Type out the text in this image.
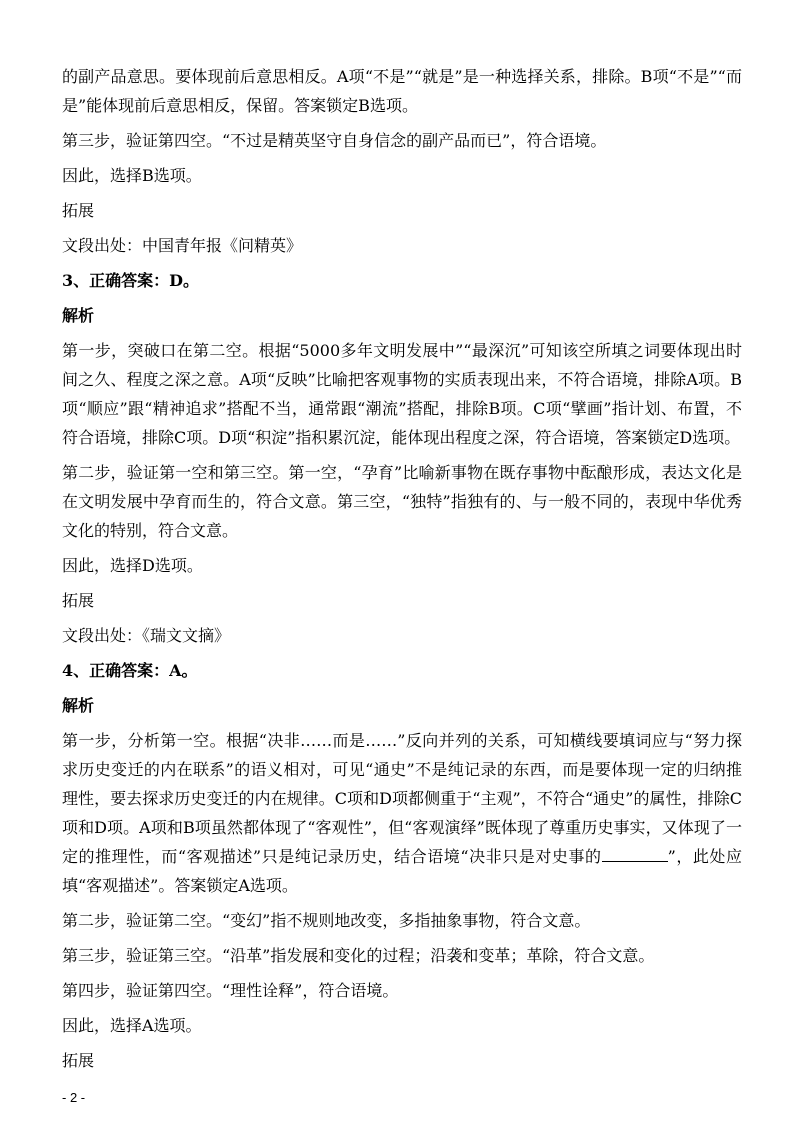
的副产品意思。要体现前后意思相反。A项“不是”“就是”是一种选择关系，排除。B项“不是”“而是”能体现前后意思相反，保留。答案锁定B选项。

第三步，验证第四空。“不过是精英坚守自身信念的副产品而已”，符合语境。

因此，选择B选项。

拓展

文段出处：中国青年报《问精英》

3、正确答案：D。

解析

第一步，突破口在第二空。根据“5000多年文明发展中”“最深沉”可知该空所填之词要体现出时间之久、程度之深之意。A项“反映”比喻把客观事物的实质表现出来，不符合语境，排除A项。B项“顺应”跟“精神追求”搭配不当，通常跟“潮流”搭配，排除B项。C项“擘画”指计划、布置，不符合语境，排除C项。D项“积淀”指积累沉淀，能体现出程度之深，符合语境，答案锁定D选项。

第二步，验证第一空和第三空。第一空，“孕育”比喻新事物在既存事物中酝酿形成，表达文化是在文明发展中孕育而生的，符合文意。第三空，“独特”指独有的、与一般不同的，表现中华优秀文化的特别，符合文意。

因此，选择D选项。

拓展

文段出处：《瑞文文摘》

4、正确答案：A。

解析

第一步，分析第一空。根据“决非……而是……”反向并列的关系，可知横线要填词应与“努力探求历史变迁的内在联系”的语义相对，可见“通史”不是纯记录的东西，而是要体现一定的归纳推理性，要去探求历史变迁的内在规律。C项和D项都侧重于“主观”，不符合“通史”的属性，排除C项和D项。A项和B项虽然都体现了“客观性”，但“客观演绎”既体现了尊重历史事实，又体现了一定的推理性，而“客观描述”只是纯记录历史，结合语境“决非只是对史事的	”，此处应填“客观描述”。答案锁定A选项。

第二步，验证第二空。“变幻”指不规则地改变，多指抽象事物，符合文意。

第三步，验证第三空。“沿革”指发展和变化的过程；沿袭和变革；革除，符合文意。

第四步，验证第四空。“理性诠释”，符合语境。

因此，选择A选项。

拓展

- 2 -
